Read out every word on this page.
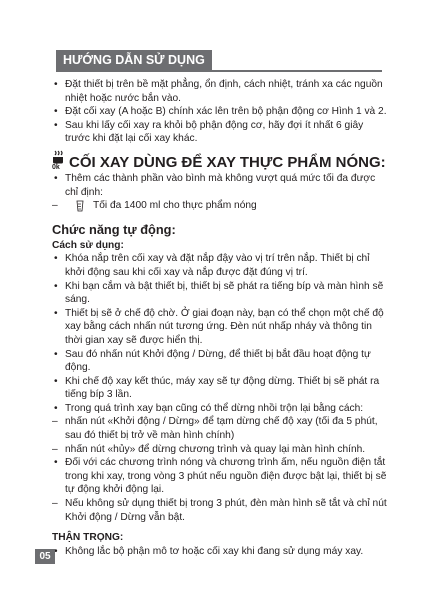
HƯỚNG DẪN SỬ DỤNG

• Đặt thiết bị trên bề mặt phẳng, ổn định, cách nhiệt, tránh xa các nguồn nhiệt hoặc nước bắn vào.

• Đặt cối xay (A hoặc B) chính xác lên trên bộ phận động cơ Hình 1 và 2.

• Sau khi lấy cối xay ra khỏi bộ phận động cơ, hãy đợi ít nhất 6 giây trước khi đặt lại cối xay khác.

0k CỐI XAY DÙNG ĐỂ XAY THỰC PHẨM NÓNG:

• Thêm các thành phần vào bình mà không vượt quá mức tối đa được chỉ định:

– Tối đa 1400 ml cho thực phẩm nóng
Chức năng tự động:
Cách sử dụng:

• Khóa nắp trên cối xay và đặt nắp đậy vào vị trí trên nắp. Thiết bị chỉ khởi động sau khi cối xay và nắp được đặt đúng vị trí.

• Khi bạn cắm và bật thiết bị, thiết bị sẽ phát ra tiếng bíp và màn hình sẽ sáng.

• Thiết bị sẽ ở chế độ chờ. Ở giai đoạn này, bạn có thể chọn một chế độ xay bằng cách nhấn nút tương ứng. Đèn nút nhấp nháy và thông tin thời gian xay sẽ được hiển thị.

• Sau đó nhấn nút Khởi động / Dừng, để thiết bị bắt đầu hoạt động tự động.

• Khi chế độ xay kết thúc, máy xay sẽ tự động dừng. Thiết bị sẽ phát ra tiếng bíp 3 lần.

• Trong quá trình xay bạn cũng có thể dừng nhồi trộn lại bằng cách:

– nhấn nút «Khởi động / Dừng» để tạm dừng chế độ xay (tối đa 5 phút, sau đó thiết bị trở về màn hình chính)

– nhấn nút «hủy» để dừng chương trình và quay lại màn hình chính.

• Đối với các chương trình nóng và chương trình ấm, nếu nguồn điện tắt trong khi xay, trong vòng 3 phút nếu nguồn điện được bật lại, thiết bị sẽ tự động khởi động lại.

– Nếu không sử dụng thiết bị trong 3 phút, đèn màn hình sẽ tắt và chỉ nút Khởi động / Dừng vẫn bật.

THẬN TRỌNG:

• Không lắc bộ phận mô tơ hoặc cối xay khi đang sử dụng máy xay.

05
